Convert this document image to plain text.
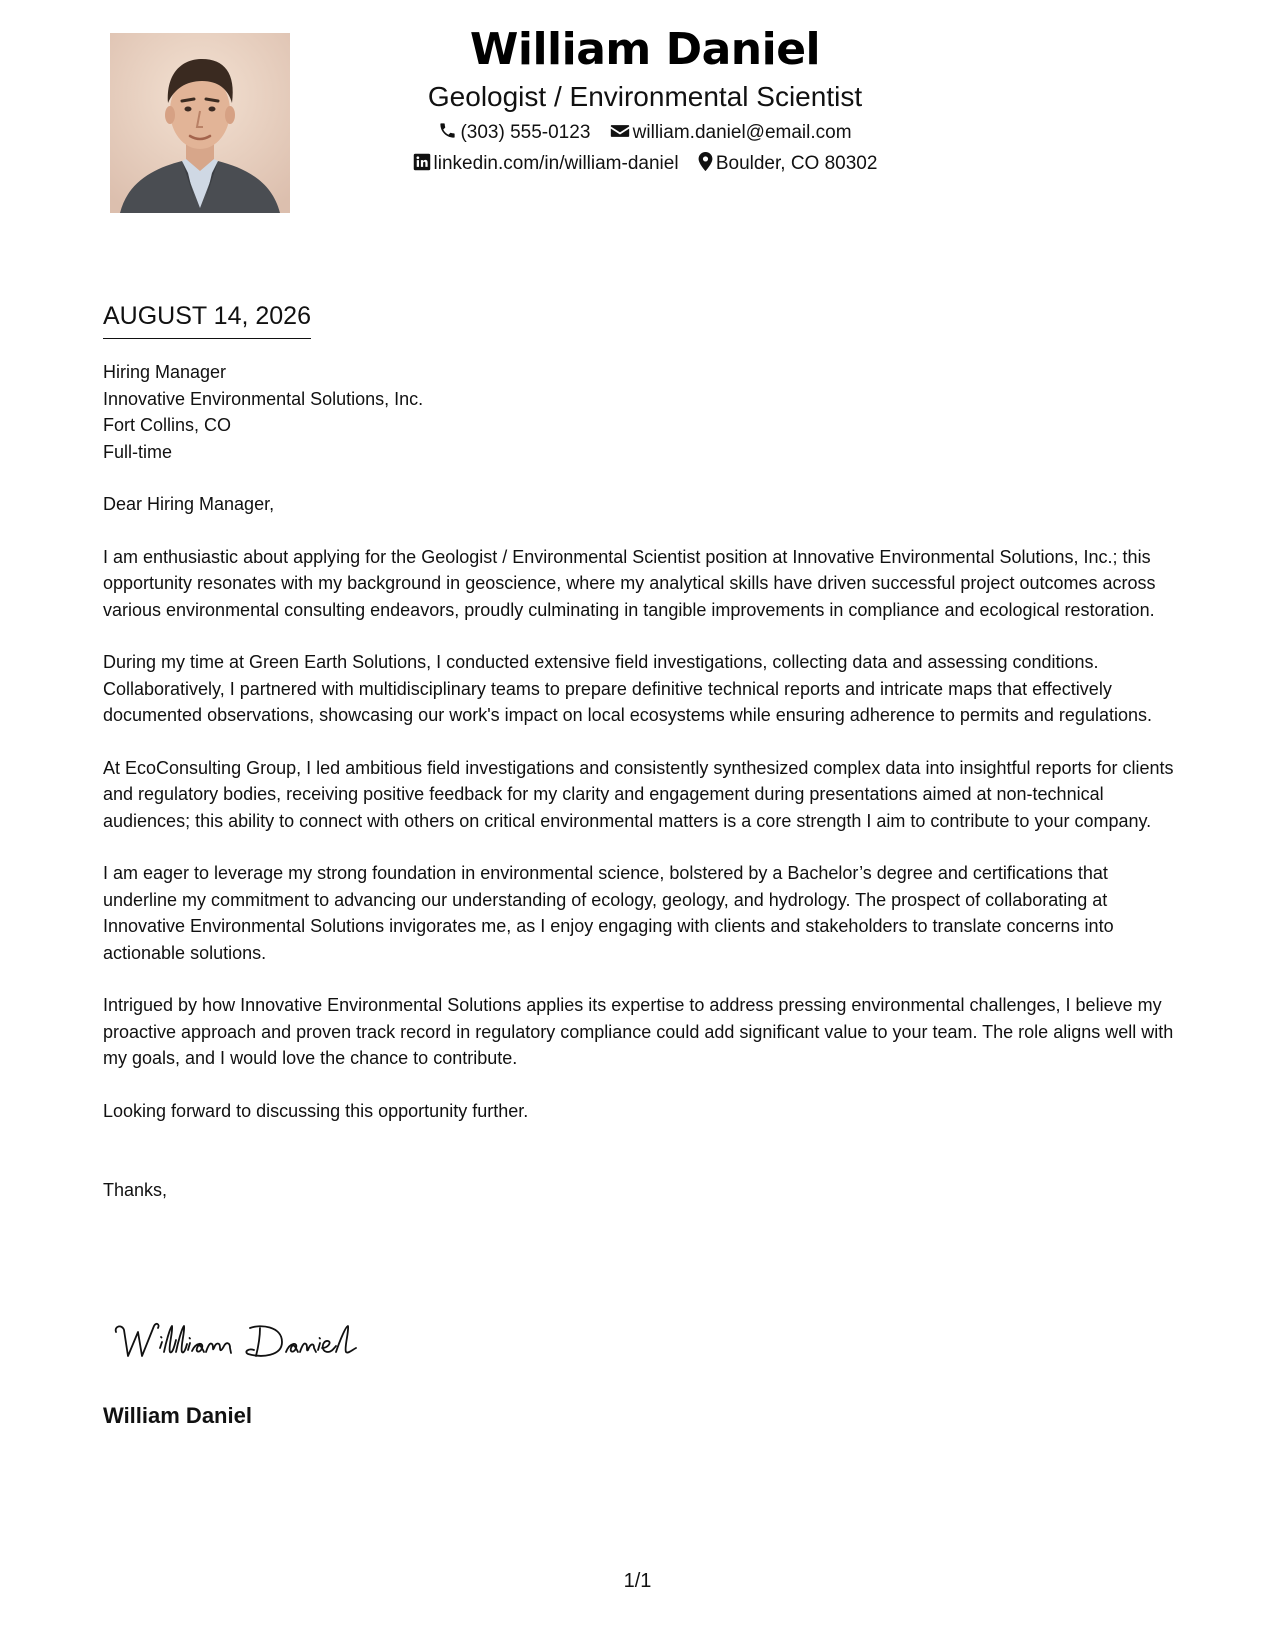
William Daniel
Geologist / Environmental Scientist
(303) 555-0123 william.daniel@email.com
linkedin.com/in/william-daniel Boulder, CO 80302
AUGUST 14, 2026
Hiring Manager
Innovative Environmental Solutions, Inc.
Fort Collins, CO
Full-time

Dear Hiring Manager,

I am enthusiastic about applying for the Geologist / Environmental Scientist position at Innovative Environmental Solutions, Inc.; this opportunity resonates with my background in geoscience, where my analytical skills have driven successful project outcomes across various environmental consulting endeavors, proudly culminating in tangible improvements in compliance and ecological restoration.

During my time at Green Earth Solutions, I conducted extensive field investigations, collecting data and assessing conditions. Collaboratively, I partnered with multidisciplinary teams to prepare definitive technical reports and intricate maps that effectively documented observations, showcasing our work's impact on local ecosystems while ensuring adherence to permits and regulations.

At EcoConsulting Group, I led ambitious field investigations and consistently synthesized complex data into insightful reports for clients and regulatory bodies, receiving positive feedback for my clarity and engagement during presentations aimed at non-technical audiences; this ability to connect with others on critical environmental matters is a core strength I aim to contribute to your company.

I am eager to leverage my strong foundation in environmental science, bolstered by a Bachelor’s degree and certifications that underline my commitment to advancing our understanding of ecology, geology, and hydrology. The prospect of collaborating at Innovative Environmental Solutions invigorates me, as I enjoy engaging with clients and stakeholders to translate concerns into actionable solutions.

Intrigued by how Innovative Environmental Solutions applies its expertise to address pressing environmental challenges, I believe my proactive approach and proven track record in regulatory compliance could add significant value to your team. The role aligns well with my goals, and I would love the chance to contribute.

Looking forward to discussing this opportunity further.

Thanks,

William Daniel
1/1
